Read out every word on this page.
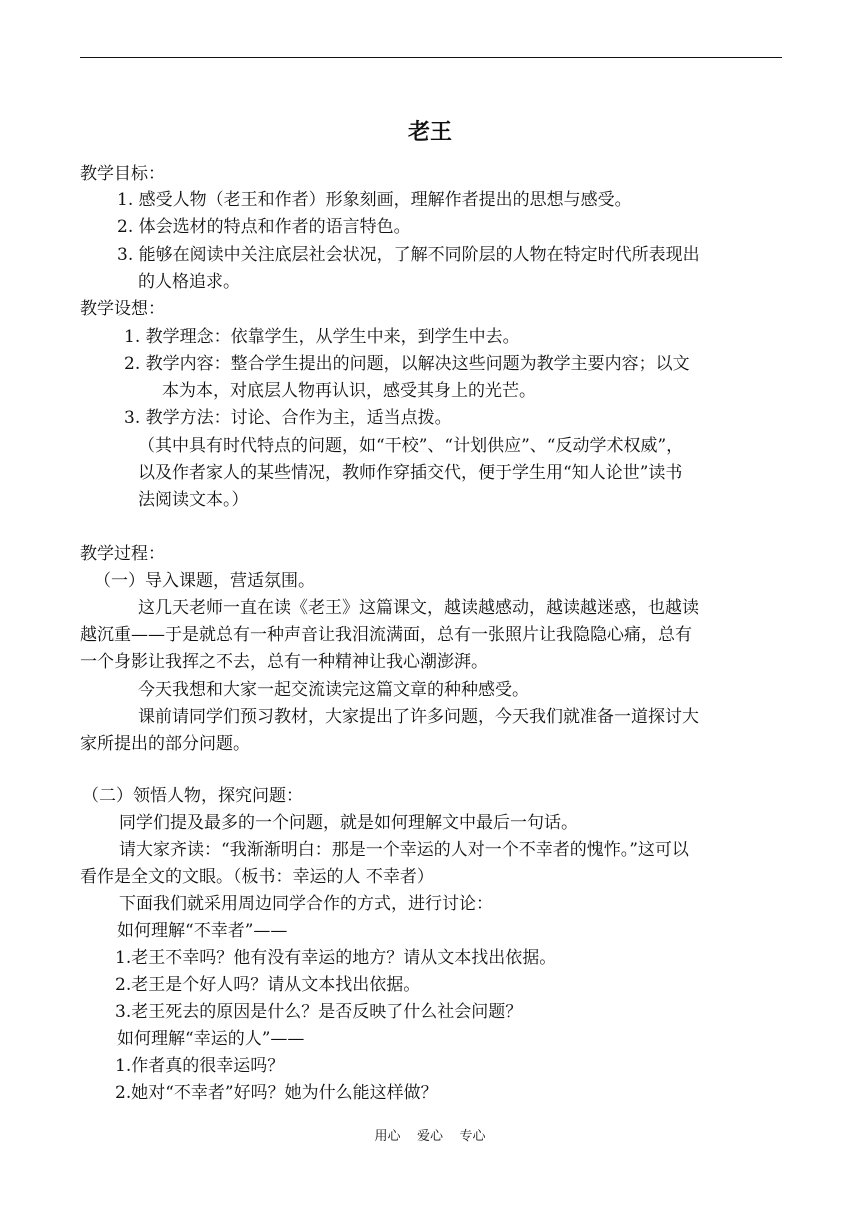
老王
教学目标：
1. 感受人物（老王和作者）形象刻画，理解作者提出的思想与感受。
2. 体会选材的特点和作者的语言特色。
3. 能够在阅读中关注底层社会状况，了解不同阶层的人物在特定时代所表现出
的人格追求。
教学设想：
1. 教学理念：依靠学生，从学生中来，到学生中去。
2. 教学内容：整合学生提出的问题，以解决这些问题为教学主要内容；以文
本为本，对底层人物再认识，感受其身上的光芒。
3. 教学方法：讨论、合作为主，适当点拨。
（其中具有时代特点的问题，如“干校”、“计划供应”、“反动学术权威”，
以及作者家人的某些情况，教师作穿插交代，便于学生用“知人论世”读书
法阅读文本。）
教学过程：
（一）导入课题，营适氛围。
这几天老师一直在读《老王》这篇课文，越读越感动，越读越迷惑，也越读
越沉重——于是就总有一种声音让我泪流满面，总有一张照片让我隐隐心痛，总有
一个身影让我挥之不去，总有一种精神让我心潮澎湃。
今天我想和大家一起交流读完这篇文章的种种感受。
课前请同学们预习教材，大家提出了许多问题，今天我们就准备一道探讨大
家所提出的部分问题。
（二）领悟人物，探究问题：
同学们提及最多的一个问题，就是如何理解文中最后一句话。
请大家齐读：“我渐渐明白：那是一个幸运的人对一个不幸者的愧怍。”这可以
看作是全文的文眼。（板书：幸运的人 不幸者）
下面我们就采用周边同学合作的方式，进行讨论：
如何理解“不幸者”——
1.老王不幸吗？他有没有幸运的地方？请从文本找出依据。
2.老王是个好人吗？请从文本找出依据。
3.老王死去的原因是什么？是否反映了什么社会问题？
如何理解“幸运的人”——
1.作者真的很幸运吗？
2.她对“不幸者”好吗？她为什么能这样做？
用心    爱心    专心
